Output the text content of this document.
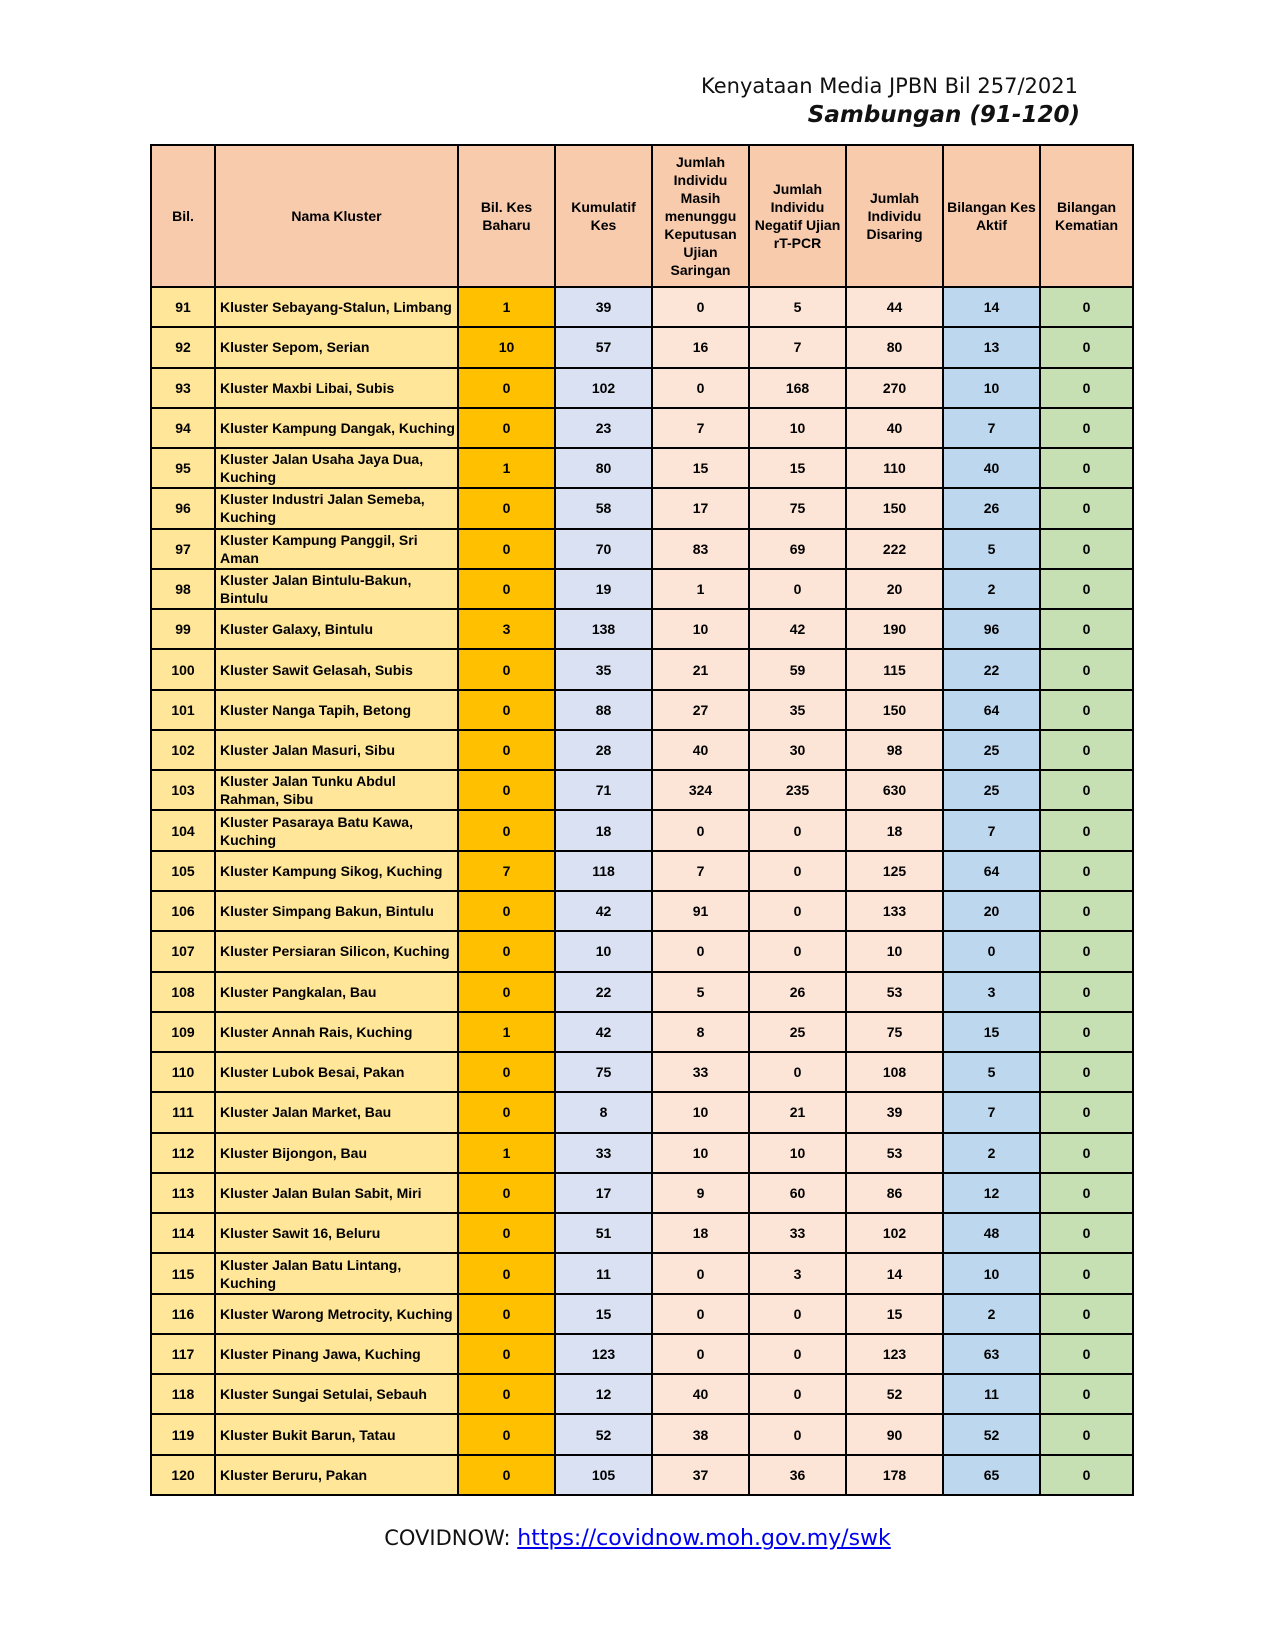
Kenyataan Media JPBN Bil 257/2021
Sambungan (91-120)
Bil.	Nama Kluster	Bil. Kes Baharu	Kumulatif Kes	Jumlah Individu Masih menunggu Keputusan Ujian Saringan	Jumlah Individu Negatif Ujian rT-PCR	Jumlah Individu Disaring	Bilangan Kes Aktif	Bilangan Kematian
91	Kluster Sebayang-Stalun, Limbang	1	39	0	5	44	14	0
92	Kluster Sepom, Serian	10	57	16	7	80	13	0
93	Kluster Maxbi Libai, Subis	0	102	0	168	270	10	0
94	Kluster Kampung Dangak, Kuching	0	23	7	10	40	7	0
95	Kluster Jalan Usaha Jaya Dua, Kuching	1	80	15	15	110	40	0
96	Kluster Industri Jalan Semeba, Kuching	0	58	17	75	150	26	0
97	Kluster Kampung Panggil, Sri Aman	0	70	83	69	222	5	0
98	Kluster Jalan Bintulu-Bakun, Bintulu	0	19	1	0	20	2	0
99	Kluster Galaxy, Bintulu	3	138	10	42	190	96	0
100	Kluster Sawit Gelasah, Subis	0	35	21	59	115	22	0
101	Kluster Nanga Tapih, Betong	0	88	27	35	150	64	0
102	Kluster Jalan Masuri, Sibu	0	28	40	30	98	25	0
103	Kluster Jalan Tunku Abdul Rahman, Sibu	0	71	324	235	630	25	0
104	Kluster Pasaraya Batu Kawa, Kuching	0	18	0	0	18	7	0
105	Kluster Kampung Sikog, Kuching	7	118	7	0	125	64	0
106	Kluster Simpang Bakun, Bintulu	0	42	91	0	133	20	0
107	Kluster Persiaran Silicon, Kuching	0	10	0	0	10	0	0
108	Kluster Pangkalan, Bau	0	22	5	26	53	3	0
109	Kluster Annah Rais, Kuching	1	42	8	25	75	15	0
110	Kluster Lubok Besai, Pakan	0	75	33	0	108	5	0
111	Kluster Jalan Market, Bau	0	8	10	21	39	7	0
112	Kluster Bijongon, Bau	1	33	10	10	53	2	0
113	Kluster Jalan Bulan Sabit, Miri	0	17	9	60	86	12	0
114	Kluster Sawit 16, Beluru	0	51	18	33	102	48	0
115	Kluster Jalan Batu Lintang, Kuching	0	11	0	3	14	10	0
116	Kluster Warong Metrocity, Kuching	0	15	0	0	15	2	0
117	Kluster Pinang Jawa, Kuching	0	123	0	0	123	63	0
118	Kluster Sungai Setulai, Sebauh	0	12	40	0	52	11	0
119	Kluster Bukit Barun, Tatau	0	52	38	0	90	52	0
120	Kluster Beruru, Pakan	0	105	37	36	178	65	0
COVIDNOW: https://covidnow.moh.gov.my/swk
